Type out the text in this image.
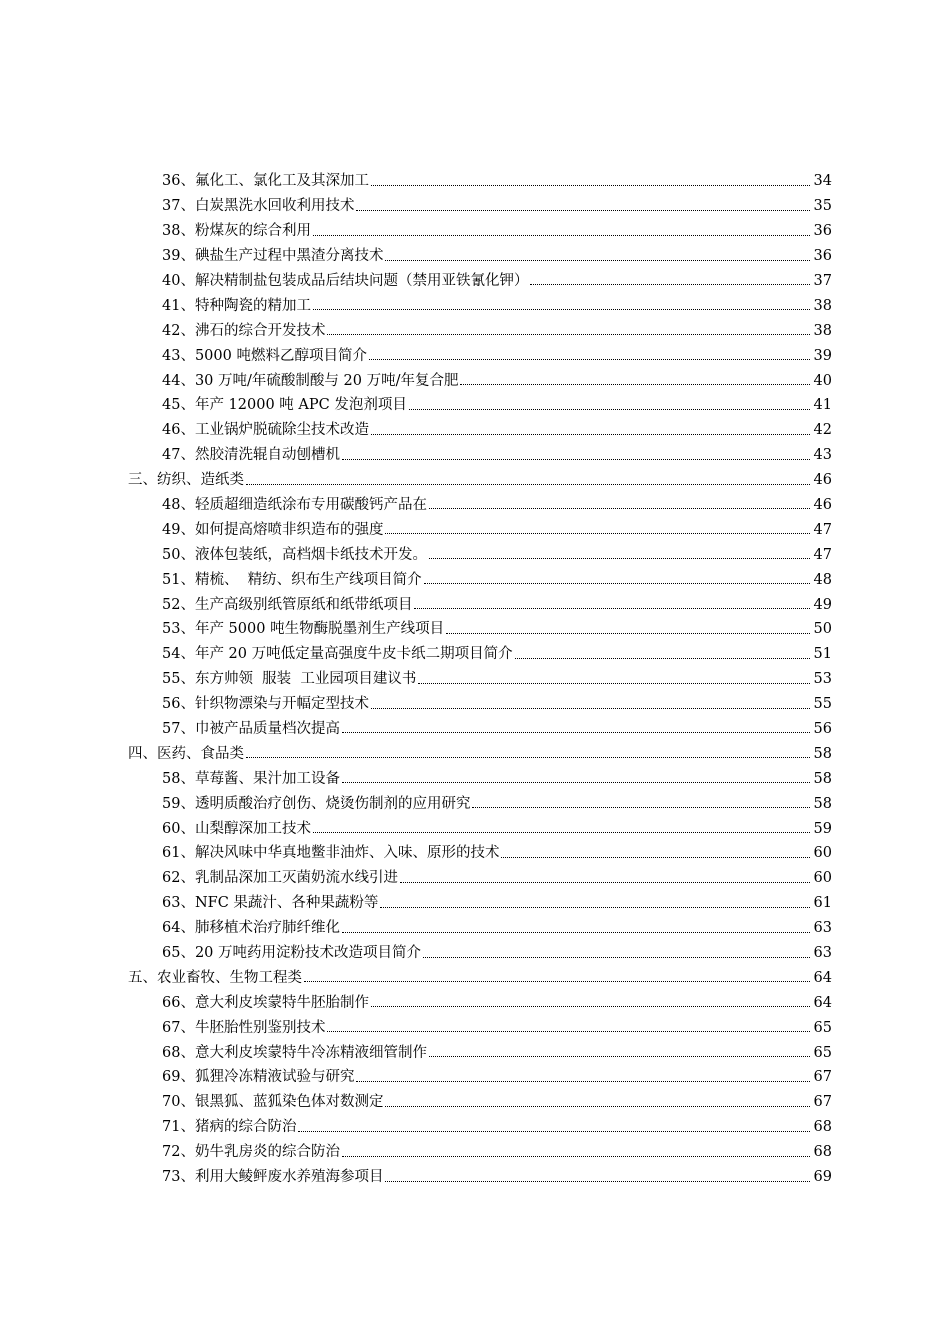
36、氟化工、氯化工及其深加工	34
37、白炭黑洗水回收利用技术	35
38、粉煤灰的综合利用	36
39、碘盐生产过程中黑渣分离技术	36
40、解决精制盐包装成品后结块问题（禁用亚铁氰化钾）	37
41、特种陶瓷的精加工	38
42、沸石的综合开发技术	38
43、5000 吨燃料乙醇项目简介	39
44、30 万吨/年硫酸制酸与 20 万吨/年复合肥	40
45、年产 12000 吨 APC 发泡剂项目	41
46、工业锅炉脱硫除尘技术改造	42
47、然胶清洗辊自动刨槽机	43
三、纺织、造纸类	46
48、轻质超细造纸涂布专用碳酸钙产品在	46
49、如何提高熔喷非织造布的强度	47
50、液体包装纸，高档烟卡纸技术开发。	47
51、精梳、  精纺、织布生产线项目简介	48
52、生产高级别纸管原纸和纸带纸项目	49
53、年产 5000 吨生物酶脱墨剂生产线项目	50
54、年产 20 万吨低定量高强度牛皮卡纸二期项目简介	51
55、东方帅领  服装  工业园项目建议书	53
56、针织物漂染与开幅定型技术	55
57、巾被产品质量档次提高	56
四、医药、食品类	58
58、草莓酱、果汁加工设备	58
59、透明质酸治疗创伤、烧烫伤制剂的应用研究	58
60、山梨醇深加工技术	59
61、解决风味中华真地鳖非油炸、入味、原形的技术	60
62、乳制品深加工灭菌奶流水线引进	60
63、NFC 果蔬汁、各种果蔬粉等	61
64、肺移植术治疗肺纤维化	63
65、20 万吨药用淀粉技术改造项目简介	63
五、农业畜牧、生物工程类	64
66、意大利皮埃蒙特牛胚胎制作	64
67、牛胚胎性别鉴别技术	65
68、意大利皮埃蒙特牛冷冻精液细管制作	65
69、狐狸冷冻精液试验与研究	67
70、银黑狐、蓝狐染色体对数测定	67
71、猪病的综合防治	68
72、奶牛乳房炎的综合防治	68
73、利用大鲮鲆废水养殖海参项目	69
